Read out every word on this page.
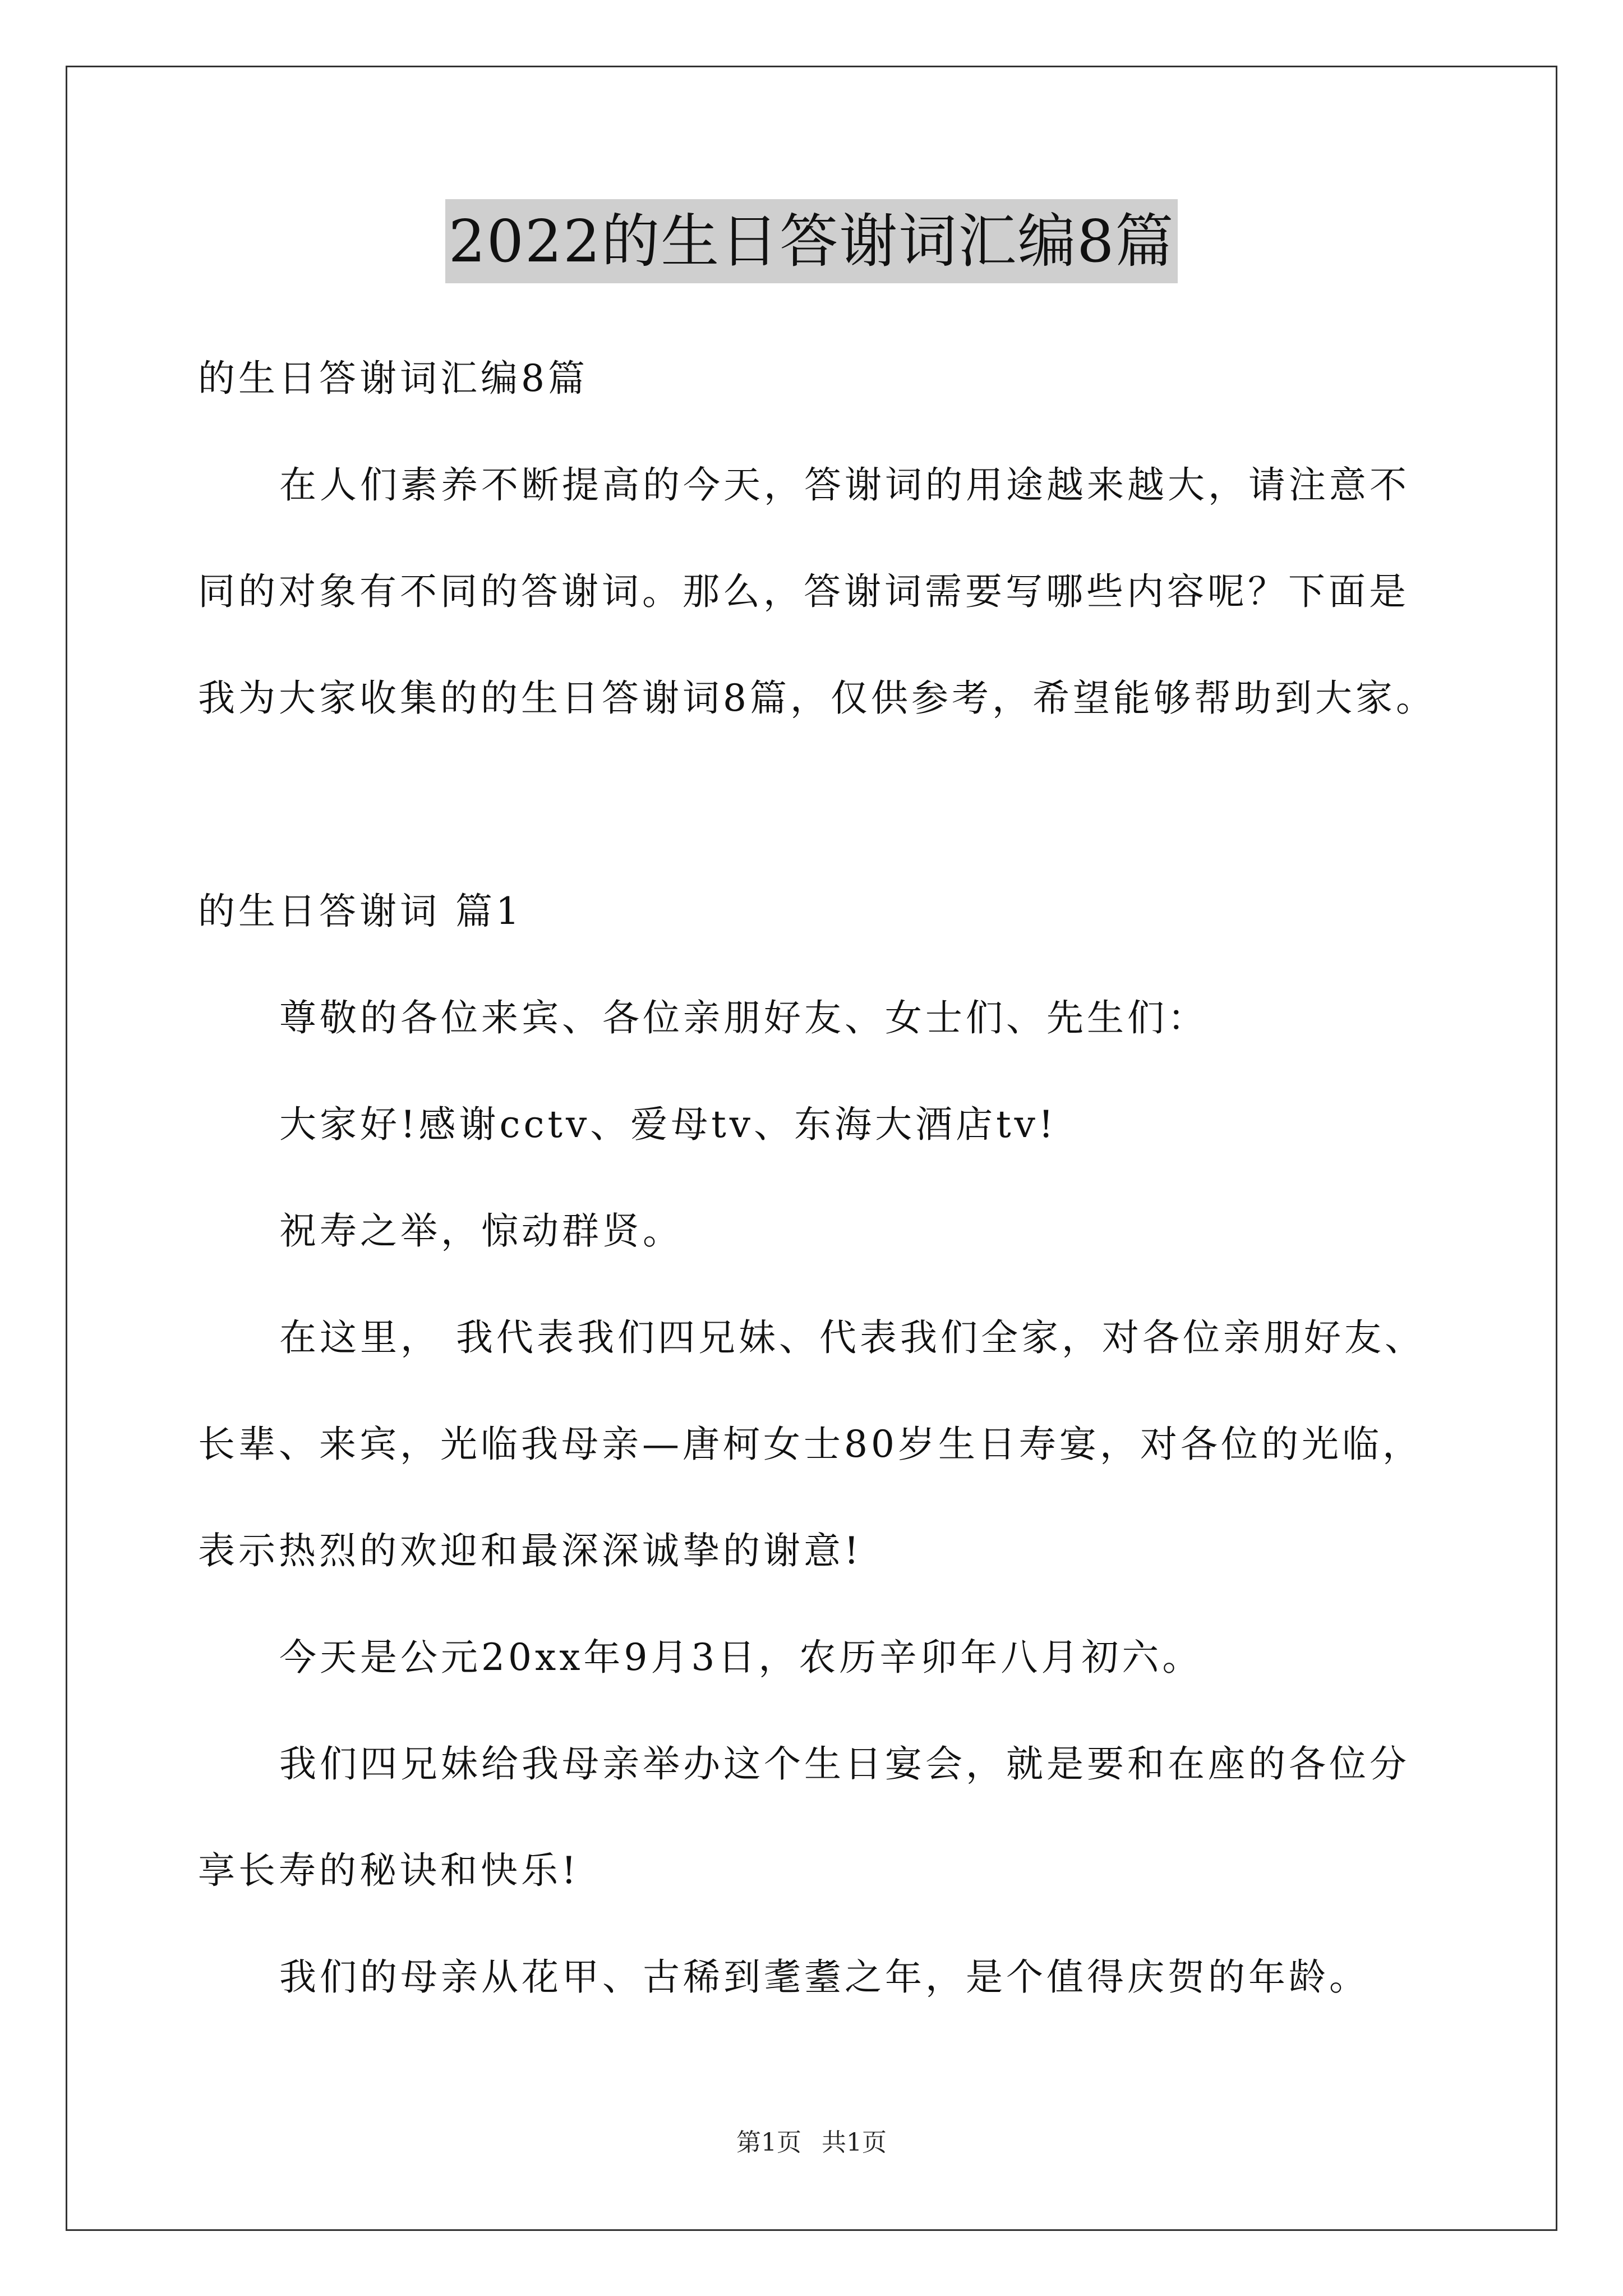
2022的生日答谢词汇编8篇
的生日答谢词汇编8篇
在人们素养不断提高的今天，答谢词的用途越来越大，请注意不
同的对象有不同的答谢词。那么，答谢词需要写哪些内容呢？下面是
我为大家收集的的生日答谢词8篇，仅供参考，希望能够帮助到大家。
的生日答谢词 篇1
尊敬的各位来宾、各位亲朋好友、女士们、先生们：
大家好!感谢cctv、爱母tv、东海大酒店tv!
祝寿之举，惊动群贤。
在这里， 我代表我们四兄妹、代表我们全家，对各位亲朋好友、
长辈、来宾，光临我母亲—唐柯女士80岁生日寿宴，对各位的光临，
表示热烈的欢迎和最深深诚挚的谢意!
今天是公元20xx年9月3日，农历辛卯年八月初六。
我们四兄妹给我母亲举办这个生日宴会，就是要和在座的各位分
享长寿的秘诀和快乐!
我们的母亲从花甲、古稀到耄耋之年，是个值得庆贺的年龄。
第1页 共1页
